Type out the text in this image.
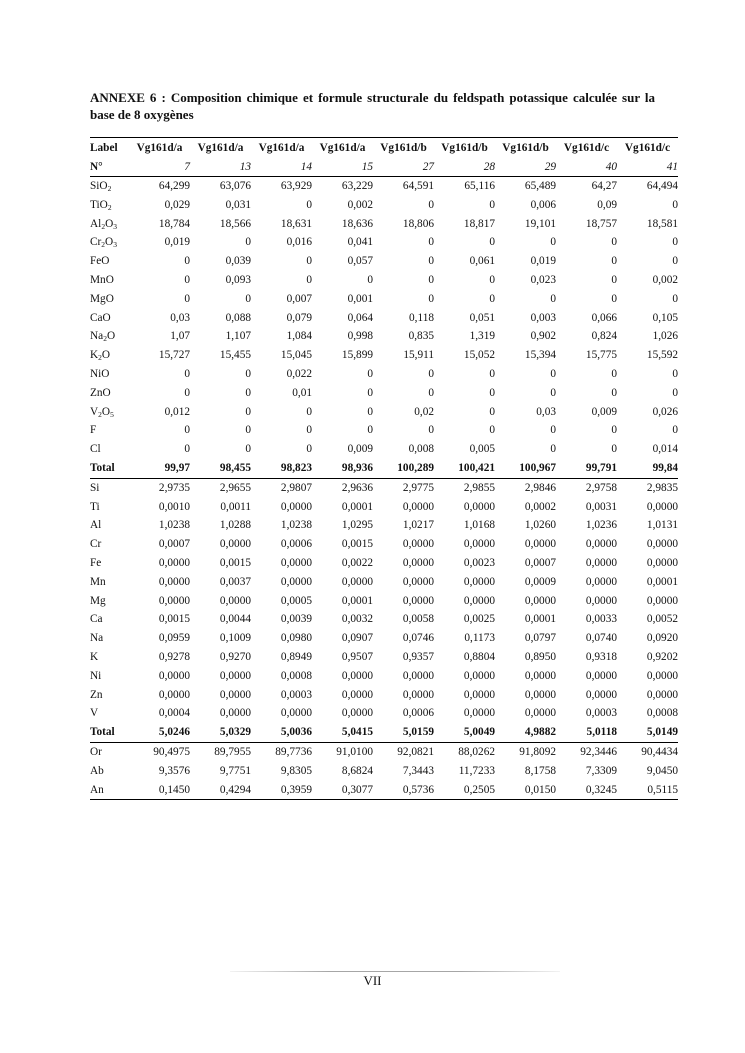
ANNEXE 6 : Composition chimique et formule structurale du feldspath potassique calculée sur la base de 8 oxygènes
Label	Vg161d/a	Vg161d/a	Vg161d/a	Vg161d/a	Vg161d/b	Vg161d/b	Vg161d/b	Vg161d/c	Vg161d/c
N°	7	13	14	15	27	28	29	40	41
SiO$_2$	64,299	63,076	63,929	63,229	64,591	65,116	65,489	64,27	64,494
TiO$_2$	0,029	0,031	0	0,002	0	0	0,006	0,09	0
$Al_2O_3$	18,784	18,566	18,631	18,636	18,806	18,817	19,101	18,757	18,581
$Cr_2O_3$	0,019	0	0,016	0,041	0	0	0	0	0
FeO	0	0,039	0	0,057	0	0,061	0,019	0	0
MnO	0	0,093	0	0	0	0	0,023	0	0,002
MgO	0	0	0,007	0,001	0	0	0	0	0
CaO	0,03	0,088	0,079	0,064	0,118	0,051	0,003	0,066	0,105
$Na_2O$	1,07	1,107	1,084	0,998	0,835	1,319	0,902	0,824	1,026
$K_2O$	15,727	15,455	15,045	15,899	15,911	15,052	15,394	15,775	15,592
NiO	0	0	0,022	0	0	0	0	0	0
ZnO	0	0	0,01	0	0	0	0	0	0
$V_2O_5$	0,012	0	0	0	0,02	0	0,03	0,009	0,026
F	0	0	0	0	0	0	0	0	0
Cl	0	0	0	0,009	0,008	0,005	0	0	0,014
Total	99,97	98,455	98,823	98,936	100,289	100,421	100,967	99,791	99,84
Si	2,9735	2,9655	2,9807	2,9636	2,9775	2,9855	2,9846	2,9758	2,9835
Ti	0,0010	0,0011	0,0000	0,0001	0,0000	0,0000	0,0002	0,0031	0,0000
Al	1,0238	1,0288	1,0238	1,0295	1,0217	1,0168	1,0260	1,0236	1,0131
Cr	0,0007	0,0000	0,0006	0,0015	0,0000	0,0000	0,0000	0,0000	0,0000
Fe	0,0000	0,0015	0,0000	0,0022	0,0000	0,0023	0,0007	0,0000	0,0000
Mn	0,0000	0,0037	0,0000	0,0000	0,0000	0,0000	0,0009	0,0000	0,0001
Mg	0,0000	0,0000	0,0005	0,0001	0,0000	0,0000	0,0000	0,0000	0,0000
Ca	0,0015	0,0044	0,0039	0,0032	0,0058	0,0025	0,0001	0,0033	0,0052
Na	0,0959	0,1009	0,0980	0,0907	0,0746	0,1173	0,0797	0,0740	0,0920
K	0,9278	0,9270	0,8949	0,9507	0,9357	0,8804	0,8950	0,9318	0,9202
Ni	0,0000	0,0000	0,0008	0,0000	0,0000	0,0000	0,0000	0,0000	0,0000
Zn	0,0000	0,0000	0,0003	0,0000	0,0000	0,0000	0,0000	0,0000	0,0000
V	0,0004	0,0000	0,0000	0,0000	0,0006	0,0000	0,0000	0,0003	0,0008
Total	5,0246	5,0329	5,0036	5,0415	5,0159	5,0049	4,9882	5,0118	5,0149
Or	90,4975	89,7955	89,7736	91,0100	92,0821	88,0262	91,8092	92,3446	90,4434
Ab	9,3576	9,7751	9,8305	8,6824	7,3443	11,7233	8,1758	7,3309	9,0450
An	0,1450	0,4294	0,3959	0,3077	0,5736	0,2505	0,0150	0,3245	0,5115
VII
